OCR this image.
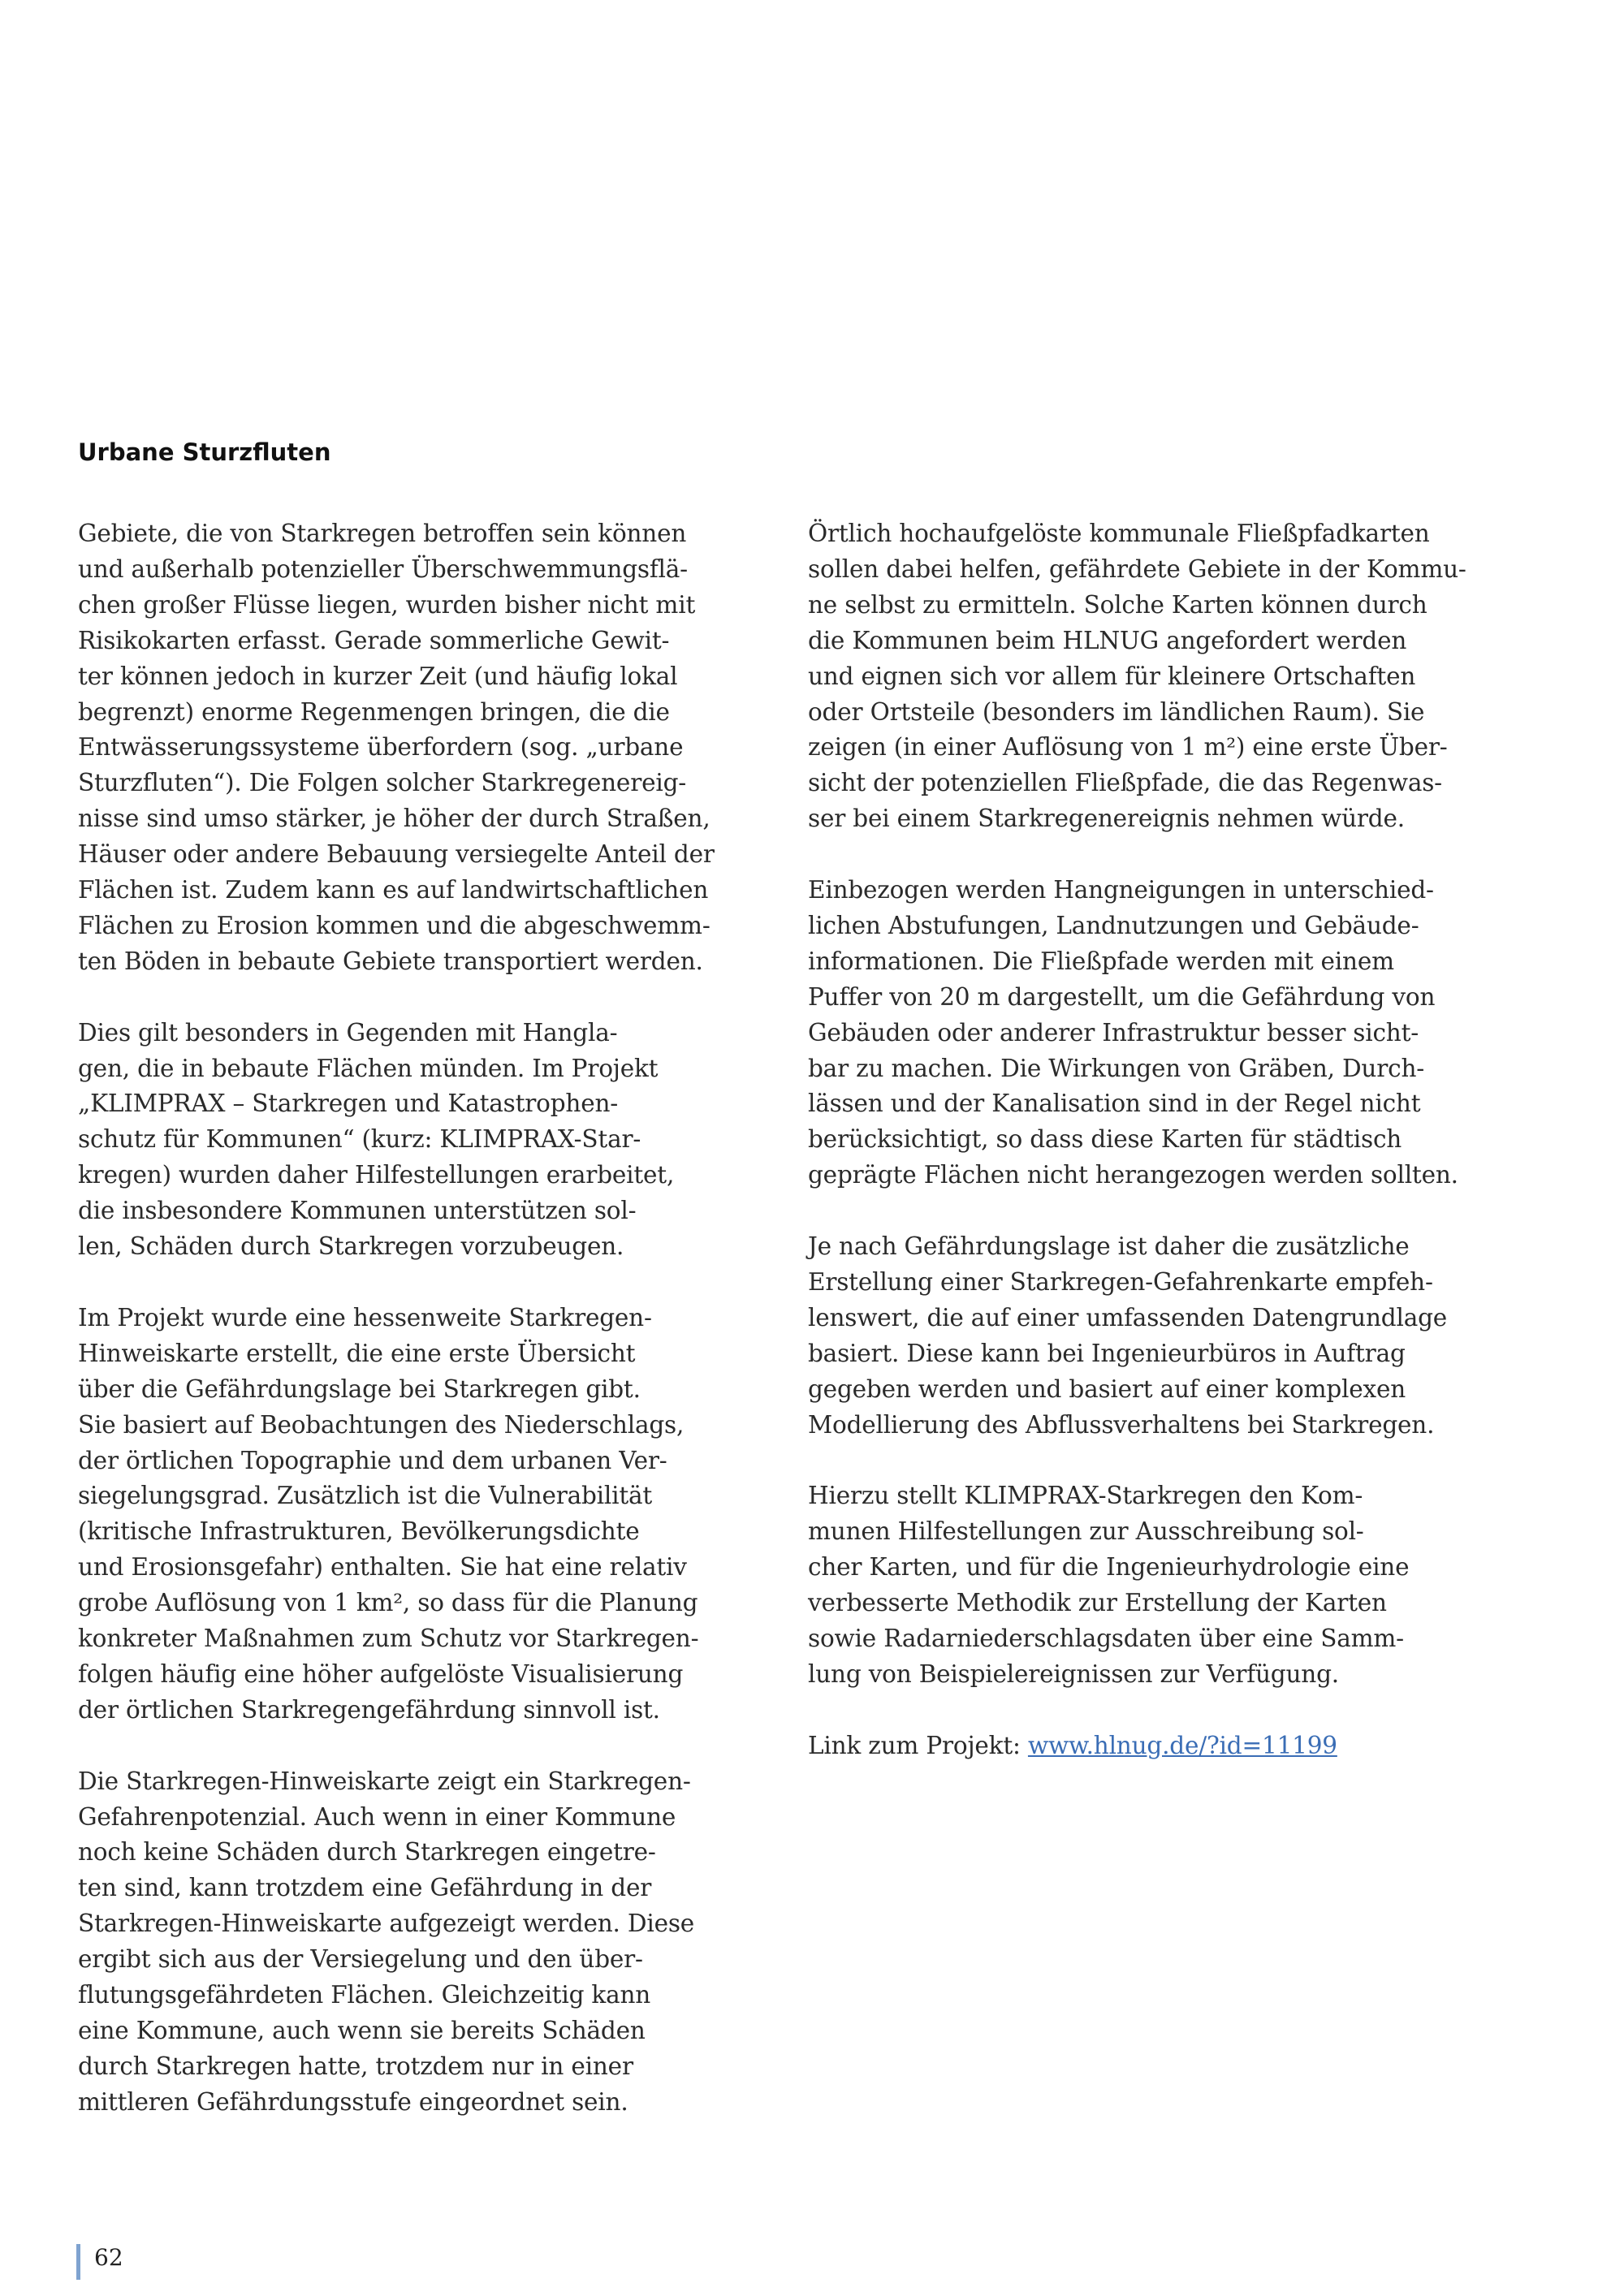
Urbane Sturzfluten

Gebiete, die von Starkregen betroffen sein können
und außerhalb potenzieller Überschwemmungsflä-
chen großer Flüsse liegen, wurden bisher nicht mit
Risikokarten erfasst. Gerade sommerliche Gewit-
ter können jedoch in kurzer Zeit (und häufig lokal
begrenzt) enorme Regenmengen bringen, die die
Entwässerungssysteme überfordern (sog. „urbane
Sturzfluten“). Die Folgen solcher Starkregenereig-
nisse sind umso stärker, je höher der durch Straßen,
Häuser oder andere Bebauung versiegelte Anteil der
Flächen ist. Zudem kann es auf landwirtschaftlichen
Flächen zu Erosion kommen und die abgeschwemm-
ten Böden in bebaute Gebiete transportiert werden.

Dies gilt besonders in Gegenden mit Hangla-
gen, die in bebaute Flächen münden. Im Projekt
„KLIMPRAX – Starkregen und Katastrophen-
schutz für Kommunen“ (kurz: KLIMPRAX-Star-
kregen) wurden daher Hilfestellungen erarbeitet,
die insbesondere Kommunen unterstützen sol-
len, Schäden durch Starkregen vorzubeugen.

Im Projekt wurde eine hessenweite Starkregen-
Hinweiskarte erstellt, die eine erste Übersicht
über die Gefährdungslage bei Starkregen gibt.
Sie basiert auf Beobachtungen des Niederschlags,
der örtlichen Topographie und dem urbanen Ver-
siegelungsgrad. Zusätzlich ist die Vulnerabilität
(kritische Infrastrukturen, Bevölkerungsdichte
und Erosionsgefahr) enthalten. Sie hat eine relativ
grobe Auflösung von 1 km², so dass für die Planung
konkreter Maßnahmen zum Schutz vor Starkregen-
folgen häufig eine höher aufgelöste Visualisierung
der örtlichen Starkregengefährdung sinnvoll ist.

Die Starkregen-Hinweiskarte zeigt ein Starkregen-
Gefahrenpotenzial. Auch wenn in einer Kommune
noch keine Schäden durch Starkregen eingetre-
ten sind, kann trotzdem eine Gefährdung in der
Starkregen-Hinweiskarte aufgezeigt werden. Diese
ergibt sich aus der Versiegelung und den über-
flutungsgefährdeten Flächen. Gleichzeitig kann
eine Kommune, auch wenn sie bereits Schäden
durch Starkregen hatte, trotzdem nur in einer
mittleren Gefährdungsstufe eingeordnet sein.

Örtlich hochaufgelöste kommunale Fließpfadkarten
sollen dabei helfen, gefährdete Gebiete in der Kommu-
ne selbst zu ermitteln. Solche Karten können durch
die Kommunen beim HLNUG angefordert werden
und eignen sich vor allem für kleinere Ortschaften
oder Ortsteile (besonders im ländlichen Raum). Sie
zeigen (in einer Auflösung von 1 m²) eine erste Über-
sicht der potenziellen Fließpfade, die das Regenwas-
ser bei einem Starkregenereignis nehmen würde.

Einbezogen werden Hangneigungen in unterschied-
lichen Abstufungen, Landnutzungen und Gebäude-
informationen. Die Fließpfade werden mit einem
Puffer von 20 m dargestellt, um die Gefährdung von
Gebäuden oder anderer Infrastruktur besser sicht-
bar zu machen. Die Wirkungen von Gräben, Durch-
lässen und der Kanalisation sind in der Regel nicht
berücksichtigt, so dass diese Karten für städtisch
geprägte Flächen nicht herangezogen werden sollten.

Je nach Gefährdungslage ist daher die zusätzliche
Erstellung einer Starkregen-Gefahrenkarte empfeh-
lenswert, die auf einer umfassenden Datengrundlage
basiert. Diese kann bei Ingenieurbüros in Auftrag
gegeben werden und basiert auf einer komplexen
Modellierung des Abflussverhaltens bei Starkregen.

Hierzu stellt KLIMPRAX-Starkregen den Kom-
munen Hilfestellungen zur Ausschreibung sol-
cher Karten, und für die Ingenieurhydrologie eine
verbesserte Methodik zur Erstellung der Karten
sowie Radarniederschlagsdaten über eine Samm-
lung von Beispielereignissen zur Verfügung.

Link zum Projekt: www.hlnug.de/?id=11199

62
